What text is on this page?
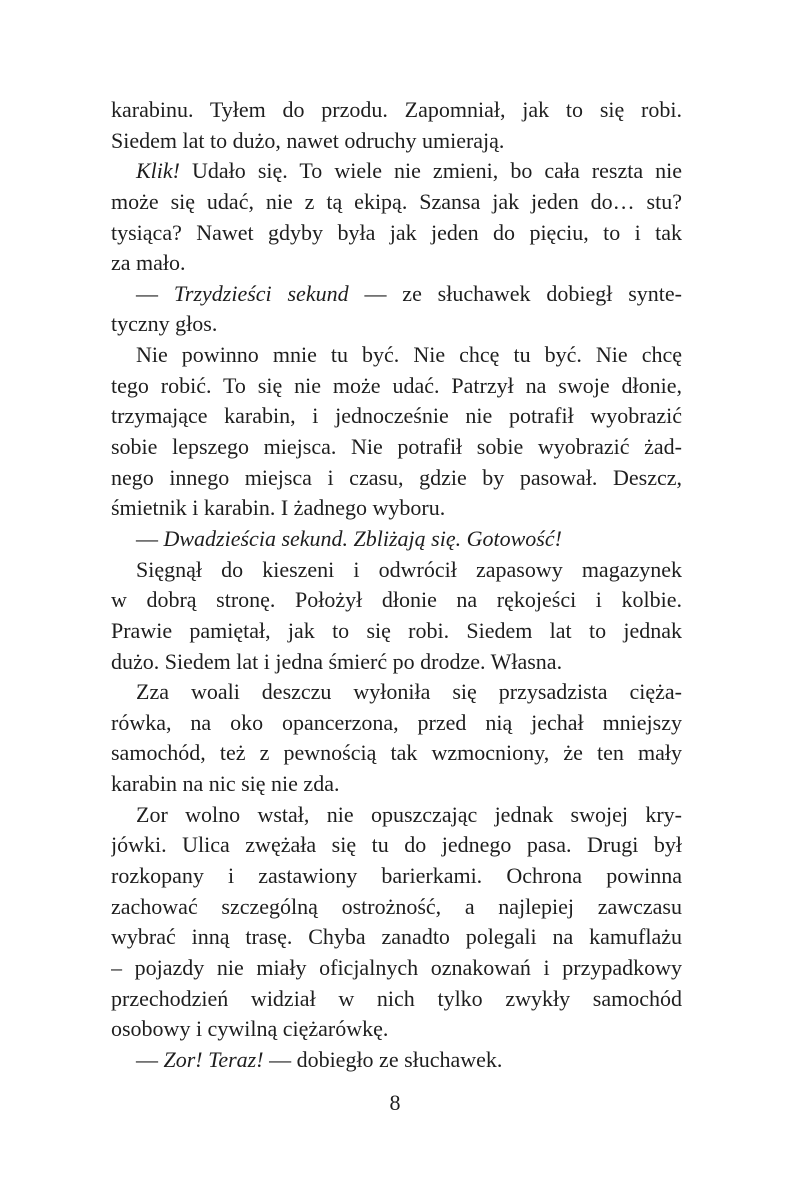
karabinu. Tyłem do przodu. Zapomniał, jak to się robi.
Siedem lat to dużo, nawet odruchy umierają.
Klik! Udało się. To wiele nie zmieni, bo cała reszta nie
może się udać, nie z tą ekipą. Szansa jak jeden do… stu?
tysiąca? Nawet gdyby była jak jeden do pięciu, to i tak
za mało.
— Trzydzieści sekund — ze słuchawek dobiegł synte-
tyczny głos.
Nie powinno mnie tu być. Nie chcę tu być. Nie chcę
tego robić. To się nie może udać. Patrzył na swoje dłonie,
trzymające karabin, i jednocześnie nie potrafił wyobrazić
sobie lepszego miejsca. Nie potrafił sobie wyobrazić żad-
nego innego miejsca i czasu, gdzie by pasował. Deszcz,
śmietnik i karabin. I żadnego wyboru.
— Dwadzieścia sekund. Zbliżają się. Gotowość!
Sięgnął do kieszeni i odwrócił zapasowy magazynek
w dobrą stronę. Położył dłonie na rękojeści i kolbie.
Prawie pamiętał, jak to się robi. Siedem lat to jednak
dużo. Siedem lat i jedna śmierć po drodze. Własna.
Zza woali deszczu wyłoniła się przysadzista cięża-
rówka, na oko opancerzona, przed nią jechał mniejszy
samochód, też z pewnością tak wzmocniony, że ten mały
karabin na nic się nie zda.
Zor wolno wstał, nie opuszczając jednak swojej kry-
jówki. Ulica zwężała się tu do jednego pasa. Drugi był
rozkopany i zastawiony barierkami. Ochrona powinna
zachować szczególną ostrożność, a najlepiej zawczasu
wybrać inną trasę. Chyba zanadto polegali na kamuflażu
– pojazdy nie miały oficjalnych oznakowań i przypadkowy
przechodzień widział w nich tylko zwykły samochód
osobowy i cywilną ciężarówkę.
— Zor! Teraz! — dobiegło ze słuchawek.
8
